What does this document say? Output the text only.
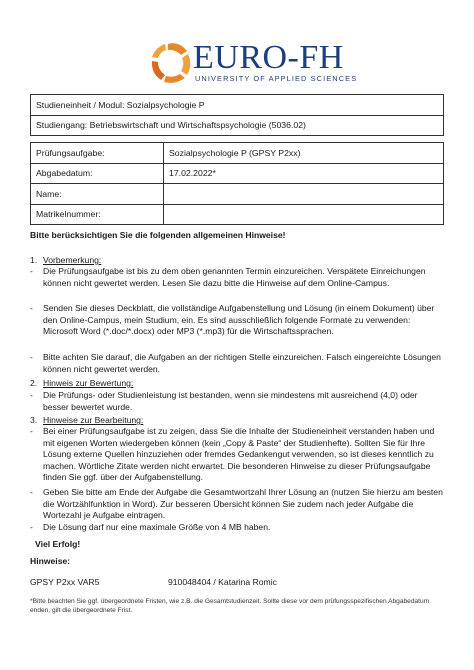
EURO-FH
UNIVERSITY OF APPLIED SCIENCES
Studieneinheit / Modul: Sozialpsychologie P
Studiengang: Betriebswirtschaft und Wirtschaftspsychologie (5036.02)
Prüfungsaufgabe:	Sozialpsychologie P (GPSY P2xx)
Abgabedatum:	17.02.2022*
Name:	
Matrikelnummer:	
Bitte berücksichtigen Sie die folgenden allgemeinen Hinweise!
1. Vorbemerkung:
- Die Prüfungsaufgabe ist bis zu dem oben genannten Termin einzureichen. Verspätete Einreichungen können nicht gewertet werden. Lesen Sie dazu bitte die Hinweise auf dem Online-Campus.

- Senden Sie dieses Deckblatt, die vollständige Aufgabenstellung und Lösung (in einem Dokument) über den Online-Campus, mein Studium, ein. Es sind ausschließlich folgende Formate zu verwenden: Microsoft Word (*.doc/*.docx) oder MP3 (*.mp3) für die Wirtschaftssprachen.

- Bitte achten Sie darauf, die Aufgaben an der richtigen Stelle einzureichen. Falsch eingereichte Lösungen können nicht gewertet werden.

2. Hinweis zur Bewertung:
- Die Prüfungs- oder Studienleistung ist bestanden, wenn sie mindestens mit ausreichend (4,0) oder besser bewertet wurde.

3. Hinweise zur Bearbeitung:
- Bei einer Prüfungsaufgabe ist zu zeigen, dass Sie die Inhalte der Studieneinheit verstanden haben und mit eigenen Worten wiedergeben können (kein „Copy & Paste“ der Studienhefte). Sollten Sie für Ihre Lösung externe Quellen hinzuziehen oder fremdes Gedankengut verwenden, so ist dieses kenntlich zu machen. Wörtliche Zitate werden nicht erwartet. Die besonderen Hinweise zu dieser Prüfungsaufgabe finden Sie ggf. über der Aufgabenstellung.

- Geben Sie bitte am Ende der Aufgabe die Gesamtwortzahl Ihrer Lösung an (nutzen Sie hierzu am besten die Wortzählfunktion in Word). Zur besseren Übersicht können Sie zudem nach jeder Aufgabe die Wortezahl je Aufgabe eintragen.

- Die Lösung darf nur eine maximale Größe von 4 MB haben.

Viel Erfolg!
Hinweise:
GPSY P2xx VAR5	910048404 / Katarina Romic
*Bitte beachten Sie ggf. übergeordnete Fristen, wie z.B. die Gesamtstudienzeit. Sollte diese vor dem prüfungsspezifischen Abgabedatum enden, gilt die übergeordnete Frist.
